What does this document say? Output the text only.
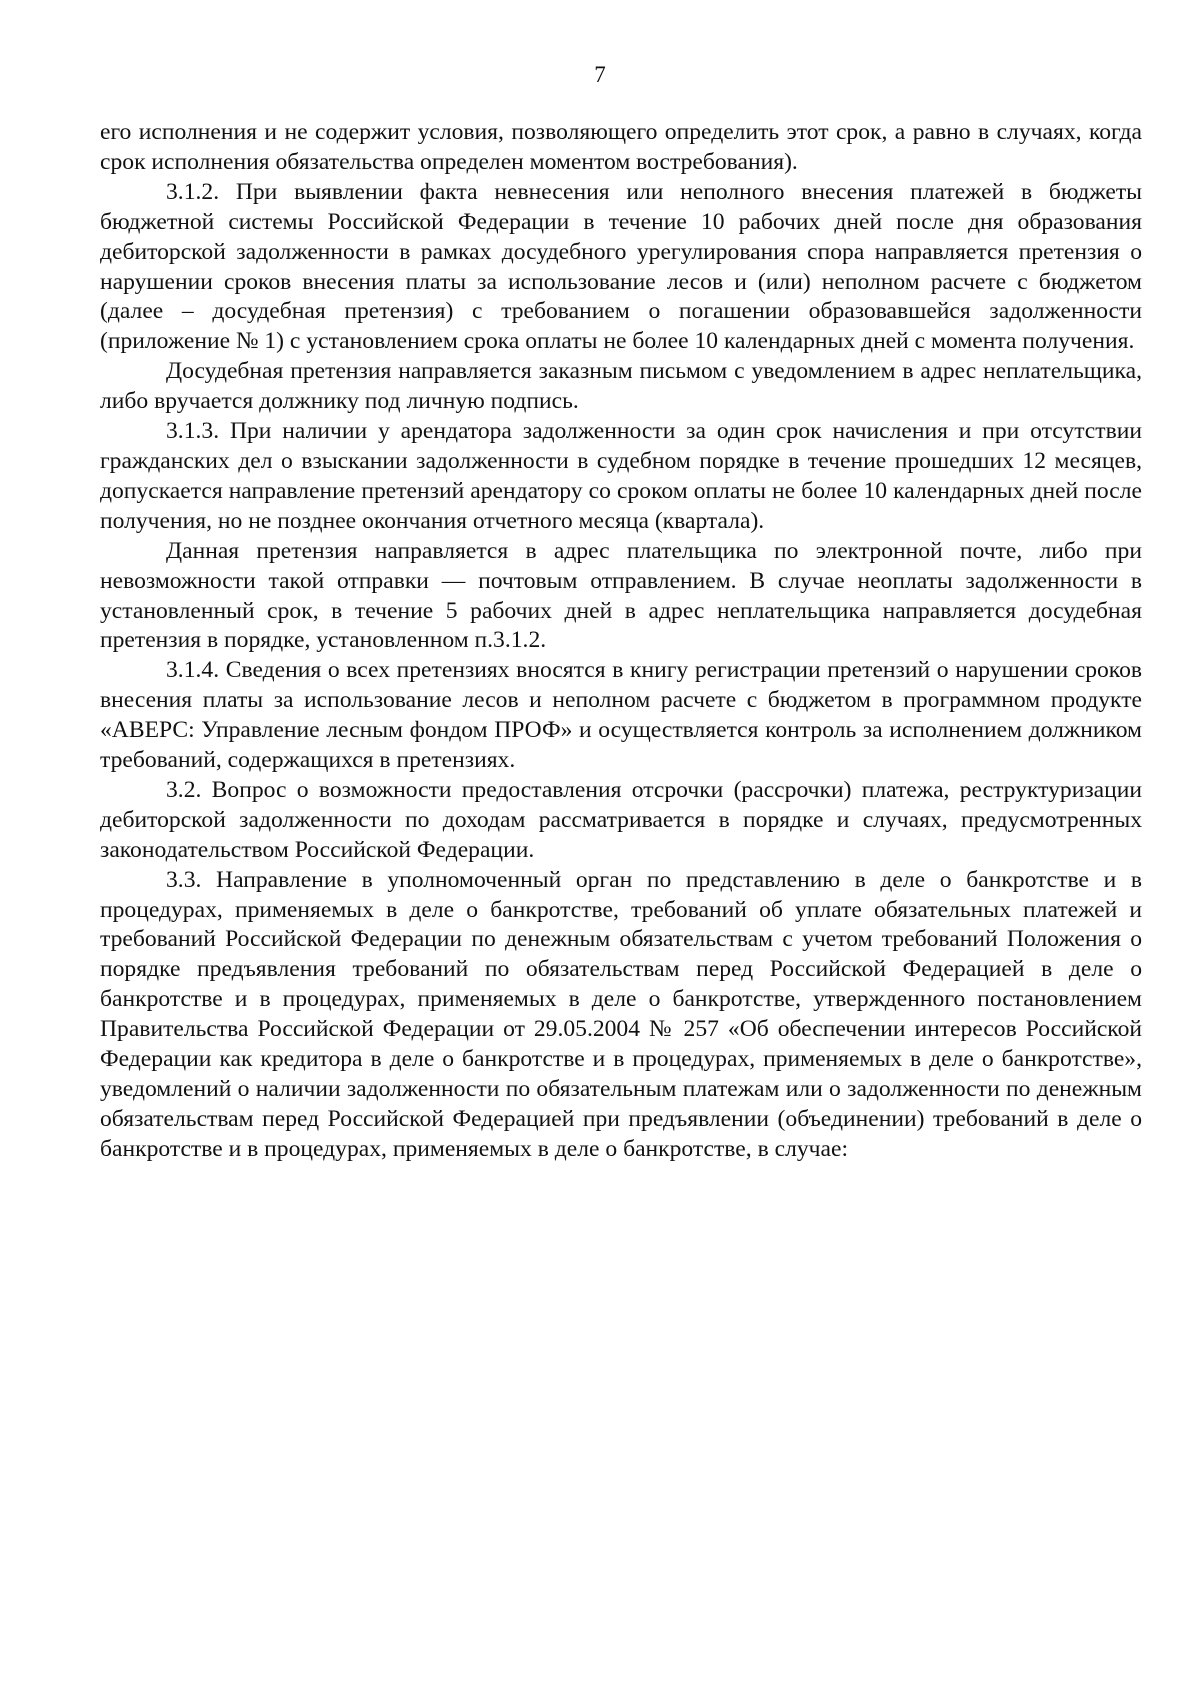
7

его исполнения и не содержит условия, позволяющего определить этот срок, а равно в случаях, когда срок исполнения обязательства определен моментом востребования).

3.1.2. При выявлении факта невнесения или неполного внесения платежей в бюджеты бюджетной системы Российской Федерации в течение 10 рабочих дней после дня образования дебиторской задолженности в рамках досудебного урегулирования спора направляется претензия о нарушении сроков внесения платы за использование лесов и (или) неполном расчете с бюджетом (далее – досудебная претензия) с требованием о погашении образовавшейся задолженности (приложение № 1) с установлением срока оплаты не более 10 календарных дней с момента получения.

Досудебная претензия направляется заказным письмом с уведомлением в адрес неплательщика, либо вручается должнику под личную подпись.

3.1.3. При наличии у арендатора задолженности за один срок начисления и при отсутствии гражданских дел о взыскании задолженности в судебном порядке в течение прошедших 12 месяцев, допускается направление претензий арендатору со сроком оплаты не более 10 календарных дней после получения, но не позднее окончания отчетного месяца (квартала).

Данная претензия направляется в адрес плательщика по электронной почте, либо при невозможности такой отправки — почтовым отправлением. В случае неоплаты задолженности в установленный срок, в течение 5 рабочих дней в адрес неплательщика направляется досудебная претензия в порядке, установленном п.3.1.2.

3.1.4. Сведения о всех претензиях вносятся в книгу регистрации претензий о нарушении сроков внесения платы за использование лесов и неполном расчете с бюджетом в программном продукте «АВЕРС: Управление лесным фондом ПРОФ» и осуществляется контроль за исполнением должником требований, содержащихся в претензиях.

3.2. Вопрос о возможности предоставления отсрочки (рассрочки) платежа, реструктуризации дебиторской задолженности по доходам рассматривается в порядке и случаях, предусмотренных законодательством Российской Федерации.

3.3. Направление в уполномоченный орган по представлению в деле о банкротстве и в процедурах, применяемых в деле о банкротстве, требований об уплате обязательных платежей и требований Российской Федерации по денежным обязательствам с учетом требований Положения о порядке предъявления требований по обязательствам перед Российской Федерацией в деле о банкротстве и в процедурах, применяемых в деле о банкротстве, утвержденного постановлением Правительства Российской Федерации от 29.05.2004 № 257 «Об обеспечении интересов Российской Федерации как кредитора в деле о банкротстве и в процедурах, применяемых в деле о банкротстве», уведомлений о наличии задолженности по обязательным платежам или о задолженности по денежным обязательствам перед Российской Федерацией при предъявлении (объединении) требований в деле о банкротстве и в процедурах, применяемых в деле о банкротстве, в случае:
